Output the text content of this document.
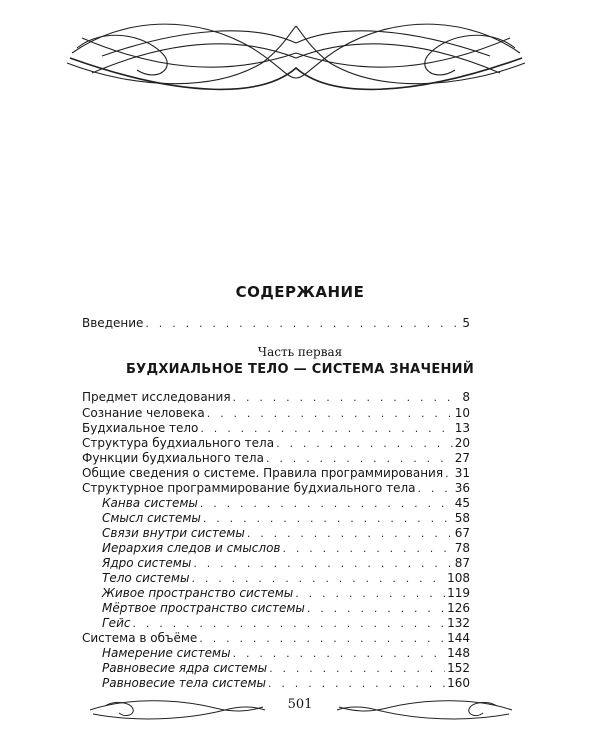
СОДЕРЖАНИЕ
Введение . . .	5
Часть первая
БУДХИАЛЬНОЕ ТЕЛО — СИСТЕМА ЗНАЧЕНИЙ
Предмет исследования . . .	8
Сознание человека . . .	10
Будхиальное тело . . .	13
Структура будхиального тела . . .	20
Функции будхиального тела . . .	27
Общие сведения о системе. Правила программирования . . . 31
Структурное программирование будхиального тела . . .	36
Канва системы . . .	45
Смысл системы . . .	58
Связи внутри системы . . .	67
Иерархия следов и смыслов . . .	78
Ядро системы . . .	87
Тело системы . . .	108
Живое пространство системы . . .	119
Мёртвое пространство системы . . .	126
Гейс . . .	132
Система в объёме . . .	144
Намерение системы . . .	148
Равновесие ядра системы . . .	152
Равновесие тела системы . . .	160
501
